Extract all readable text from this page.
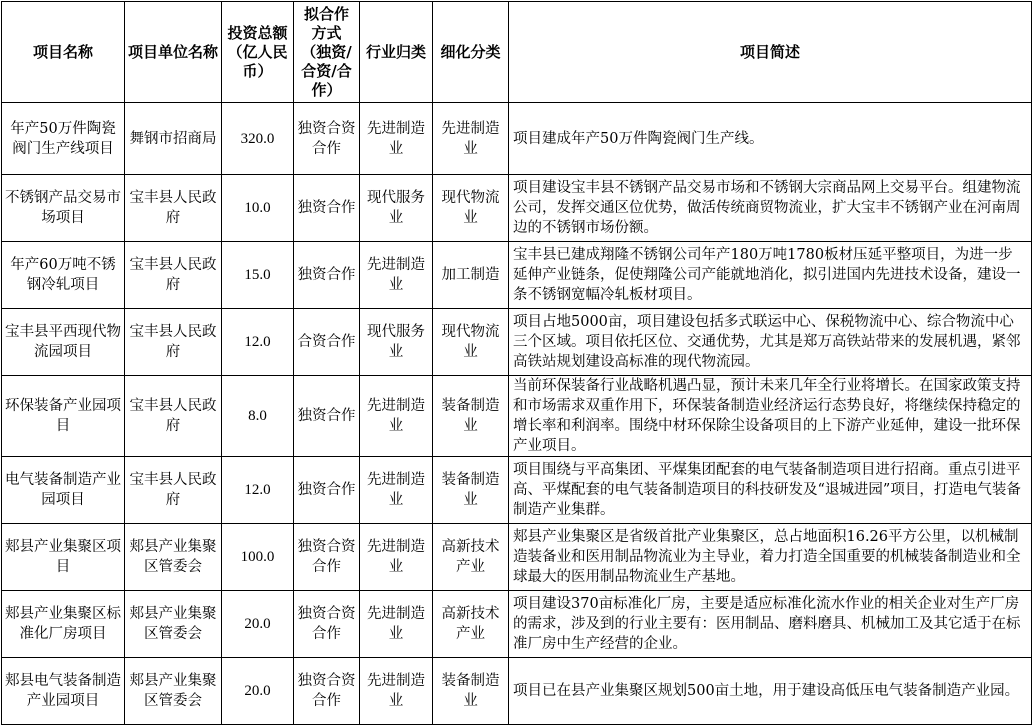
项目名称	项目单位名称	投资总额（亿人民币）	拟合作方式（独资/合资/合作）	行业归类	细化分类	项目简述
年产50万件陶瓷阀门生产线项目	舞钢市招商局	320.0	独资合资合作	先进制造业	先进制造业	项目建成年产50万件陶瓷阀门生产线。
不锈钢产品交易市场项目	宝丰县人民政府	10.0	独资合作	现代服务业	现代物流业	项目建设宝丰县不锈钢产品交易市场和不锈钢大宗商品网上交易平台。组建物流公司，发挥交通区位优势，做活传统商贸物流业，扩大宝丰不锈钢产业在河南周边的不锈钢市场份额。
年产60万吨不锈钢冷轧项目	宝丰县人民政府	15.0	独资合作	先进制造业	加工制造	宝丰县已建成翔隆不锈钢公司年产180万吨1780板材压延平整项目，为进一步延伸产业链条，促使翔隆公司产能就地消化，拟引进国内先进技术设备，建设一条不锈钢宽幅冷轧板材项目。
宝丰县平西现代物流园项目	宝丰县人民政府	12.0	合资合作	现代服务业	现代物流业	项目占地5000亩，项目建设包括多式联运中心、保税物流中心、综合物流中心三个区域。项目依托区位、交通优势，尤其是郑万高铁站带来的发展机遇，紧邻高铁站规划建设高标准的现代物流园。
环保装备产业园项目	宝丰县人民政府	8.0	独资合作	先进制造业	装备制造业	当前环保装备行业战略机遇凸显，预计未来几年全行业将增长。在国家政策支持和市场需求双重作用下，环保装备制造业经济运行态势良好，将继续保持稳定的增长率和利润率。围绕中材环保除尘设备项目的上下游产业延伸，建设一批环保产业项目。
电气装备制造产业园项目	宝丰县人民政府	12.0	独资合作	先进制造业	装备制造业	项目围绕与平高集团、平煤集团配套的电气装备制造项目进行招商。重点引进平高、平煤配套的电气装备制造项目的科技研发及“退城进园”项目，打造电气装备制造产业集群。
郏县产业集聚区项目	郏县产业集聚区管委会	100.0	独资合资合作	先进制造业	高新技术产业	郏县产业集聚区是省级首批产业集聚区，总占地面积16.26平方公里，以机械制造装备业和医用制品物流业为主导业，着力打造全国重要的机械装备制造业和全球最大的医用制品物流业生产基地。
郏县产业集聚区标准化厂房项目	郏县产业集聚区管委会	20.0	独资合资合作	先进制造业	高新技术产业	项目建设370亩标准化厂房，主要是适应标准化流水作业的相关企业对生产厂房的需求，涉及到的行业主要有：医用制品、磨料磨具、机械加工及其它适于在标准厂房中生产经营的企业。
郏县电气装备制造产业园项目	郏县产业集聚区管委会	20.0	独资合资合作	先进制造业	装备制造业	项目已在县产业集聚区规划500亩土地，用于建设高低压电气装备制造产业园。
